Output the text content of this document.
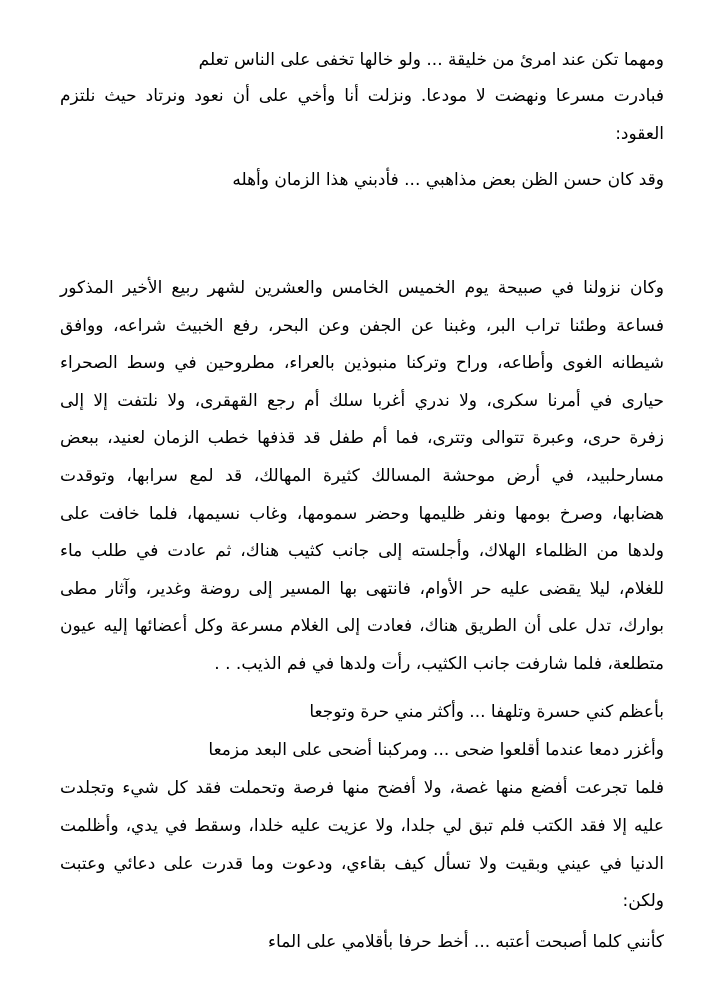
ومهما تكن عند امرئ من خليقة ... ولو خالها تخفى على الناس تعلم
فبادرت مسرعا ونهضت لا مودعا. ونزلت أنا وأخي على أن نعود ونرتاد حيث نلتزم
العقود:
وقد كان حسن الظن بعض مذاهبي ... فأدبني هذا الزمان وأهله
وكان نزولنا في صبيحة يوم الخميس الخامس والعشرين لشهر ربيع الأخير المذكور
فساعة وطئنا تراب البر، وغبنا عن الجفن وعن البحر، رفع الخبيث شراعه، ووافق
شيطانه الغوى وأطاعه، وراح وتركنا منبوذين بالعراء، مطروحين في وسط الصحراء
حيارى في أمرنا سكرى، ولا ندري أغربا سلك أم رجع القهقرى، ولا نلتفت إلا إلى
زفرة حرى، وعبرة تتوالى وتترى، فما أم طفل قد قذفها خطب الزمان لعنيد، ببعض
مسارحلبيد، في أرض موحشة المسالك كثيرة المهالك، قد لمع سرابها، وتوقدت
هضابها، وصرخ بومها ونفر ظليمها وحضر سمومها، وغاب نسيمها، فلما خافت على
ولدها من الظلماء الهلاك، وأجلسته إلى جانب كثيب هناك، ثم عادت في طلب ماء
للغلام، ليلا يقضى عليه حر الأوام، فانتهى بها المسير إلى روضة وغدير، وآثار مطى
بوارك، تدل على أن الطريق هناك، فعادت إلى الغلام مسرعة وكل أعضائها إليه عيون
متطلعة، فلما شارفت جانب الكثيب، رأت ولدها في فم الذيب. . .
بأعظم كني حسرة وتلهفا ... وأكثر مني حرة وتوجعا
وأغزر دمعا عندما أقلعوا ضحى ... ومركبنا أضحى على البعد مزمعا
فلما تجرعت أفضع منها غصة، ولا أفضح منها فرصة وتحملت فقد كل شيء وتجلدت
عليه إلا فقد الكتب فلم تبق لي جلدا، ولا عزيت عليه خلدا، وسقط في يدي، وأظلمت
الدنيا في عيني وبقيت ولا تسأل كيف بقاءي، ودعوت وما قدرت على دعائي وعتبت
ولكن:
كأنني كلما أصبحت أعتبه ... أخط حرفا بأقلامي على الماء
